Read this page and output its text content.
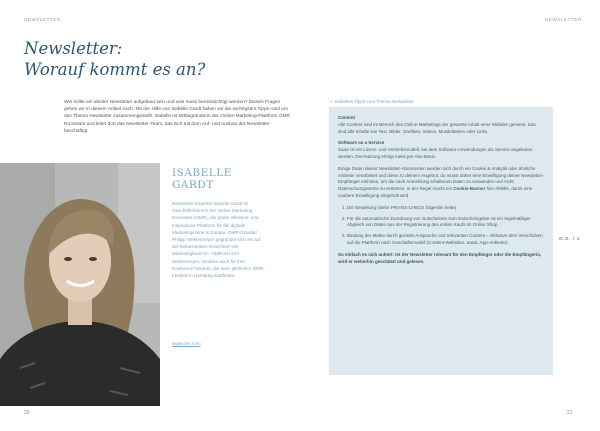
NEWSLETTER	NEWSLETTER
Newsletter:
Worauf kommt es an?
Wie sollte ein idealer Newsletter aufgebaut sein und was muss berücksichtigt werden? Diesen Fragen gehen wir in diesem Artikel nach. Mit der Hilfe von Isabelle Gardt haben wir die wichtigsten Tipps rund um das Thema Newsletter zusammengestellt. Isabelle ist Mitbegründerin der Online-Marketing-Plattform OMR Rockstars und leitet dort das Newsletter-Team, das sich mit dem Auf- und Ausbau der Newsletter beschäftigt.
ISABELLE
GARDT
Newsletter-Expertin Isabelle Gardt ist Geschäftsführerin der Online Marketing Rockstars (OMR), die große Wissens- und Inspirations-Plattform für die digitale Marketingszene in Europa. OMR-Gründer Philipp Westermeyer gegründet sich als auf der bekanntesten Gesichtern der Marketingbranche. OMR ist nicht Westermeyer, sondern auch für ihre Konferenz bekannt, die beim jährlichen OMR-Festival in Hamburg stattfindet.
www.omr.com
— Isabelles Tipps zum Thema Newsletter

Content
Alle Content sind im Bereich des Online-Marketings der gesamte Inhalt einer Website gemeint. Das sind alle Inhalte wie Text, Bilder, Grafiken, Videos, Musikdateien oder Links.

Software as a Service
SaaS ist ein Lizenz- und Vertriebsmodell, bei dem Software-Anwendungen als Service angeboten werden. Die Nutzung erfolgt meist per Abo-Basis.

Einige Daten deiner Newsletter-Abonnenten werden sich durch ein Cookie & Analytik oder ähnliche Anbieter verarbeitet und diese zu deinem Angebot, du musst daher eine Einwilligung deiner Newsletter-Empfänger einholen, um die nach Anmeldung erhaltenen Daten zu verwenden und nicht Datenschutzgesetze zu verletzen. In der Regel macht ein Cookie-Banner hier Abhilfe, damit eine saubere Einwilligung eingeholt wird.

1. Die Bestellung (siehe PRAXIS-CHECK folgende Seite)
2. Für die automatische Zuordnung von Gutscheinen zum Gutscheingeber ist ein regelmäßiger Abgleich von Daten aus der Registrierung des ersten Kaufs im Online Shop.
3. Bindung der Marke durch gezielte Ansprache und relevanten Content – inklusive dem Verschicken auf die Plattform nach Geschäftsmodell (Content-Websites, SaaS, App-Anbieter).

So einfach es sich anhört: Ist der Newsletter relevant für den Empfänger oder die Empfängerin, wird er weiterhin geschätzt und gelesen.

G.S. / 1
20	21
